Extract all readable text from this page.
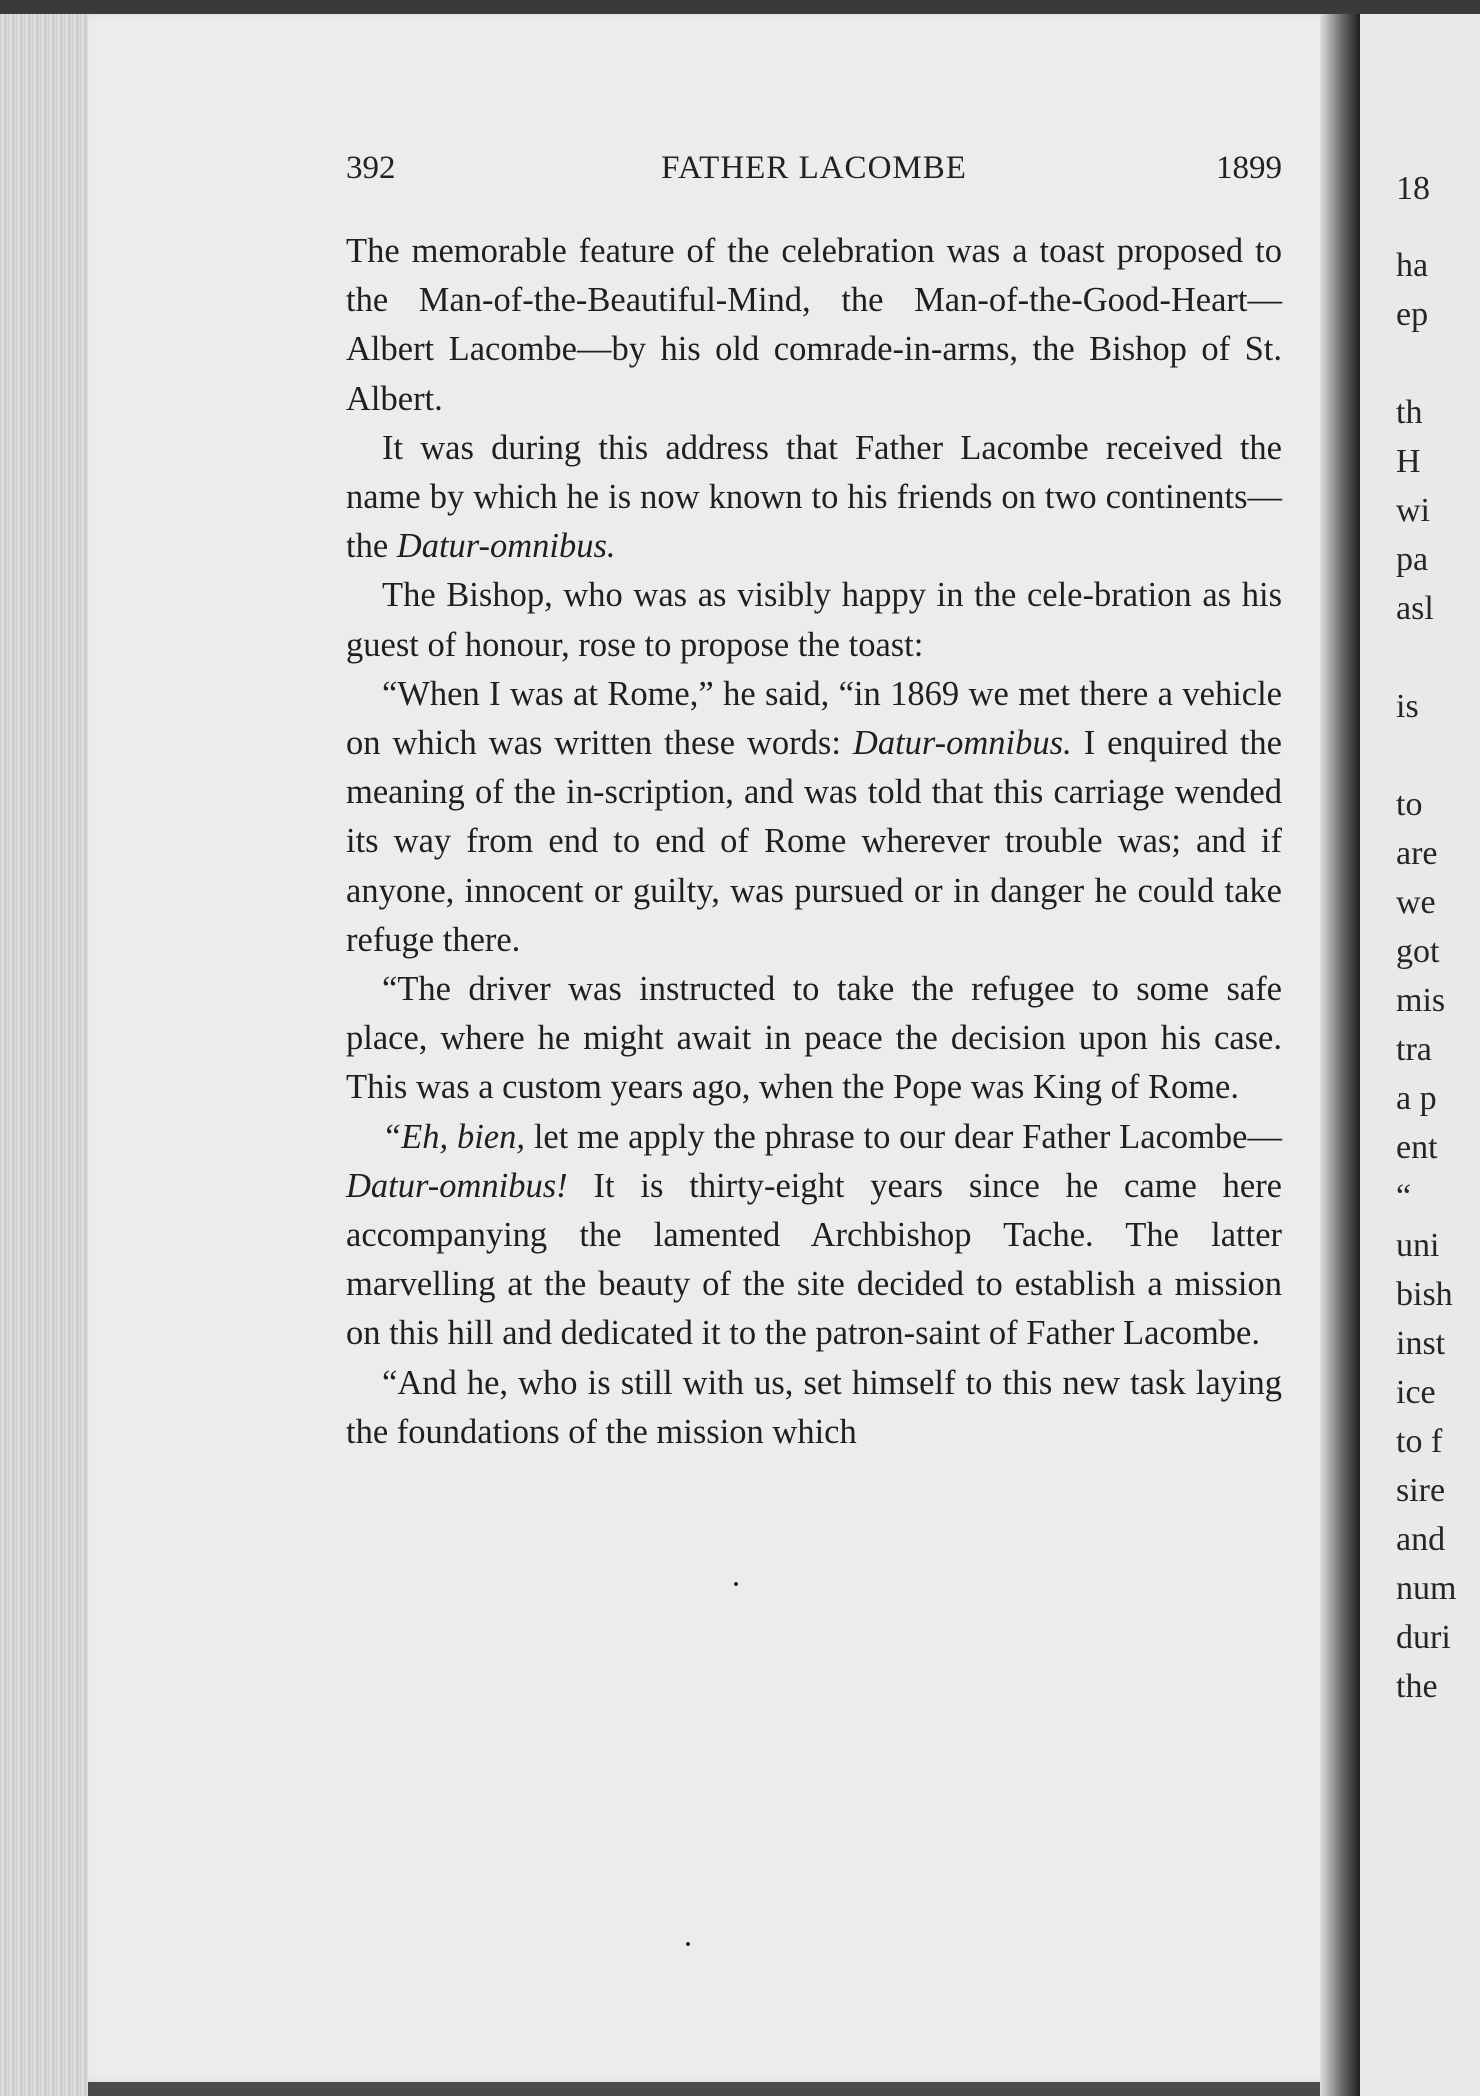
18
ha
ep
th
H
wi
pa
asl
is
to
are
we
got
mis
tra
a p
ent
“
uni
bish
inst
ice
to f
sire
and
num
duri
the
392	FATHER LACOMBE	1899

The memorable feature of the celebration was a toast proposed to the Man-of-the-Beautiful-Mind, the Man-of-the-Good-Heart—Albert Lacombe—by his old comrade-in-arms, the Bishop of St. Albert.

It was during this address that Father Lacombe received the name by which he is now known to his friends on two continents—the Datur-omnibus.

The Bishop, who was as visibly happy in the cele-bration as his guest of honour, rose to propose the toast:

“When I was at Rome,” he said, “in 1869 we met there a vehicle on which was written these words: Datur-omnibus. I enquired the meaning of the in-scription, and was told that this carriage wended its way from end to end of Rome wherever trouble was; and if anyone, innocent or guilty, was pursued or in danger he could take refuge there.

“The driver was instructed to take the refugee to some safe place, where he might await in peace the decision upon his case. This was a custom years ago, when the Pope was King of Rome.

“Eh, bien, let me apply the phrase to our dear Father Lacombe—Datur-omnibus! It is thirty-eight years since he came here accompanying the lamented Archbishop Tache. The latter marvelling at the beauty of the site decided to establish a mission on this hill and dedicated it to the patron-saint of Father Lacombe.

“And he, who is still with us, set himself to this new task laying the foundations of the mission which
